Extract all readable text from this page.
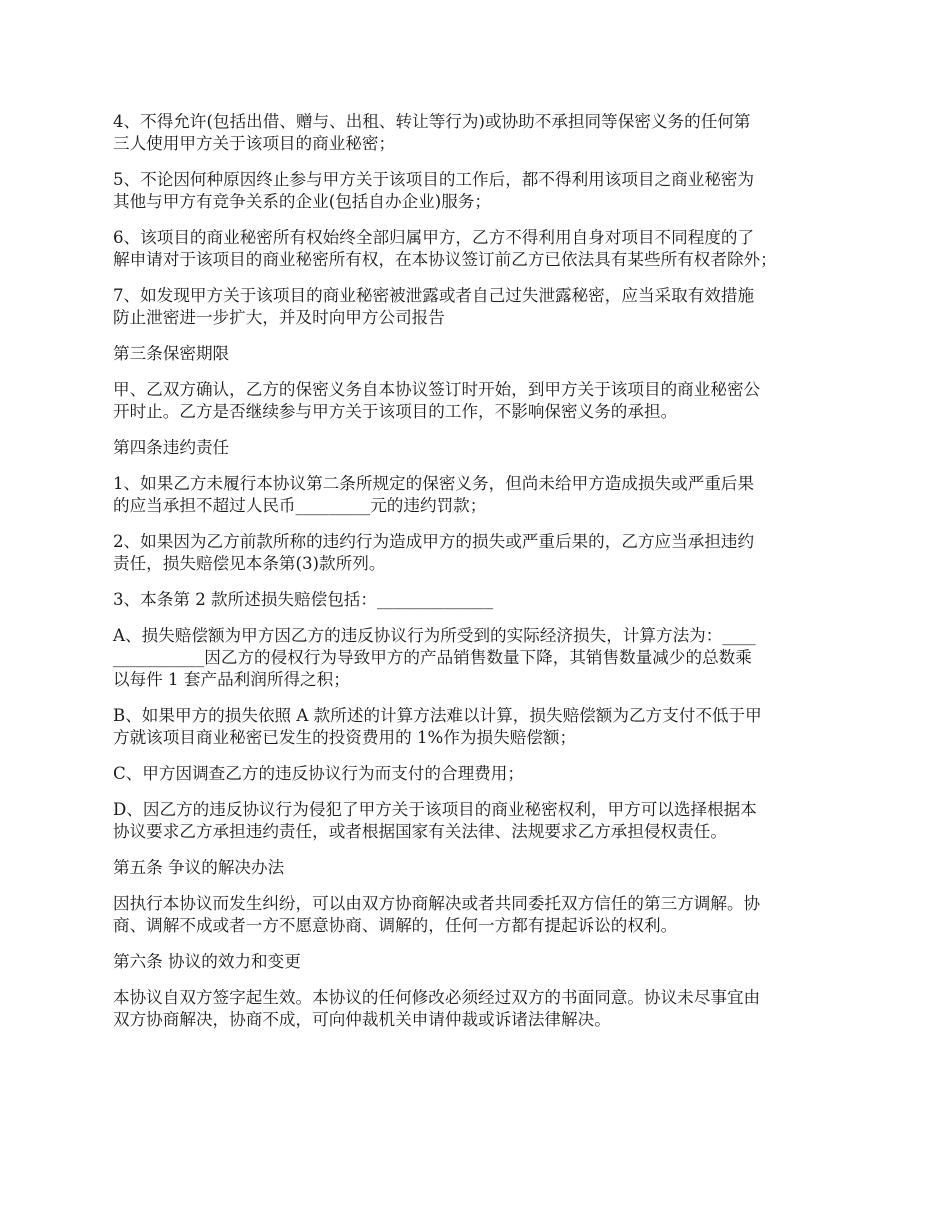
4、不得允许(包括出借、赠与、出租、转让等行为)或协助不承担同等保密义务的任何第
三人使用甲方关于该项目的商业秘密；

5、不论因何种原因终止参与甲方关于该项目的工作后，都不得利用该项目之商业秘密为
其他与甲方有竞争关系的企业(包括自办企业)服务；

6、该项目的商业秘密所有权始终全部归属甲方，乙方不得利用自身对项目不同程度的了
解申请对于该项目的商业秘密所有权，在本协议签订前乙方已依法具有某些所有权者除外；

7、如发现甲方关于该项目的商业秘密被泄露或者自己过失泄露秘密，应当采取有效措施
防止泄密进一步扩大，并及时向甲方公司报告

第三条保密期限

甲、乙双方确认，乙方的保密义务自本协议签订时开始，到甲方关于该项目的商业秘密公
开时止。乙方是否继续参与甲方关于该项目的工作，不影响保密义务的承担。

第四条违约责任

1、如果乙方未履行本协议第二条所规定的保密义务，但尚未给甲方造成损失或严重后果
的应当承担不超过人民币_________元的违约罚款；

2、如果因为乙方前款所称的违约行为造成甲方的损失或严重后果的，乙方应当承担违约
责任，损失赔偿见本条第(3)款所列。

3、本条第 2 款所述损失赔偿包括：______________

A、损失赔偿额为甲方因乙方的违反协议行为所受到的实际经济损失，计算方法为：____
___________因乙方的侵权行为导致甲方的产品销售数量下降，其销售数量减少的总数乘
以每件 1 套产品利润所得之积；

B、如果甲方的损失依照 A 款所述的计算方法难以计算，损失赔偿额为乙方支付不低于甲
方就该项目商业秘密已发生的投资费用的 1%作为损失赔偿额；

C、甲方因调查乙方的违反协议行为而支付的合理费用；

D、因乙方的违反协议行为侵犯了甲方关于该项目的商业秘密权利，甲方可以选择根据本
协议要求乙方承担违约责任，或者根据国家有关法律、法规要求乙方承担侵权责任。

第五条 争议的解决办法

因执行本协议而发生纠纷，可以由双方协商解决或者共同委托双方信任的第三方调解。协
商、调解不成或者一方不愿意协商、调解的，任何一方都有提起诉讼的权利。

第六条 协议的效力和变更

本协议自双方签字起生效。本协议的任何修改必须经过双方的书面同意。协议未尽事宜由
双方协商解决，协商不成，可向仲裁机关申请仲裁或诉诸法律解决。
